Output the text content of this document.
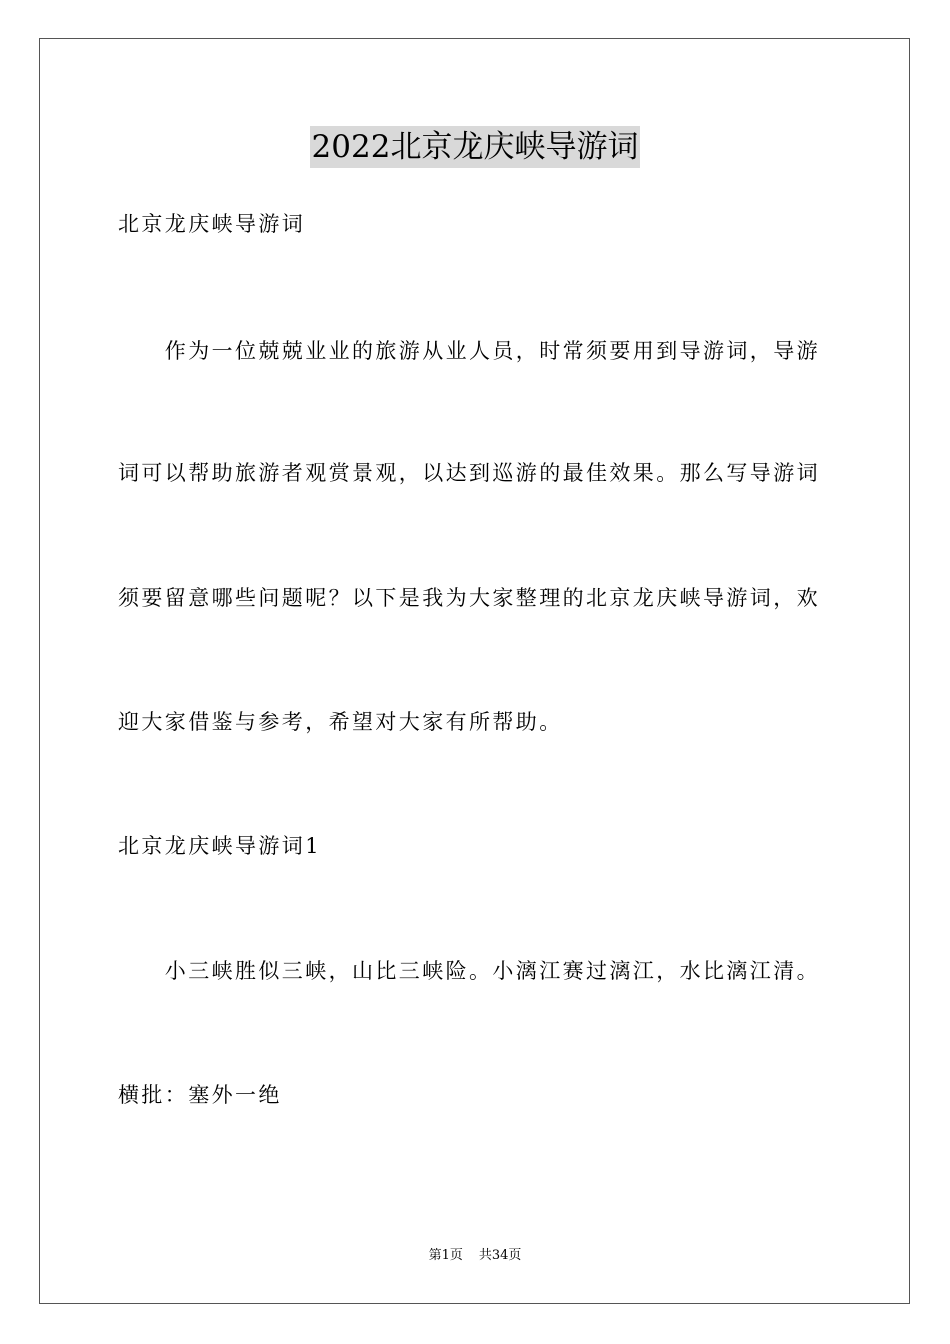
2022北京龙庆峡导游词
北京龙庆峡导游词
　　作为一位兢兢业业的旅游从业人员，时常须要用到导游词，导游
词可以帮助旅游者观赏景观，以达到巡游的最佳效果。那么写导游词
须要留意哪些问题呢？以下是我为大家整理的北京龙庆峡导游词，欢
迎大家借鉴与参考，希望对大家有所帮助。
北京龙庆峡导游词1
　　小三峡胜似三峡，山比三峡险。小漓江赛过漓江，水比漓江清。
横批：塞外一绝
第1页 共34页
